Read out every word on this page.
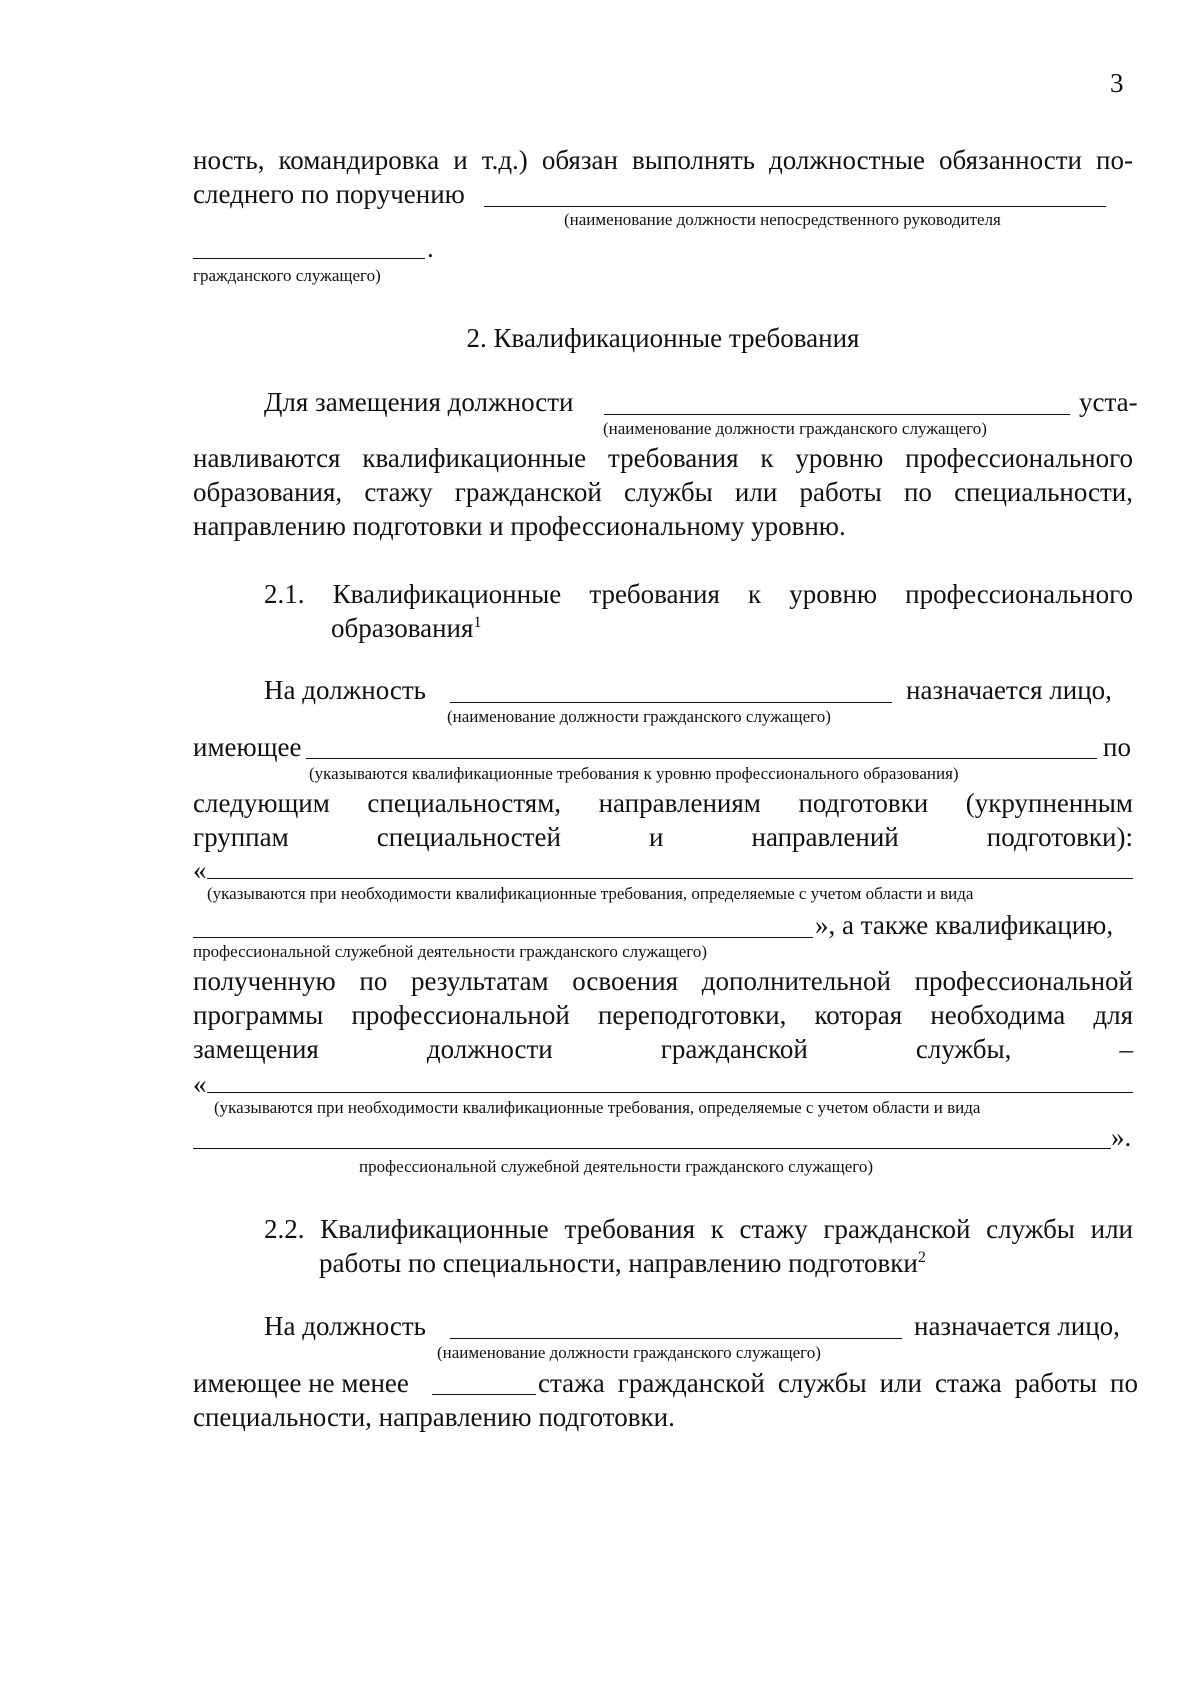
3
ность, командировка и т.д.) обязан выполнять должностные обязанности по-
следнего по поручению
(наименование должности непосредственного руководителя
.
гражданского служащего)
2. Квалификационные требования
Для замещения должности	уста-
(наименование должности гражданского служащего)
навливаются квалификационные требования к уровню профессионального
образования, стажу гражданской службы или работы по специальности,
направлению подготовки и профессиональному уровню.
2.1. Квалификационные требования к уровню профессионального
образования$^1$
На должность	назначается лицо,
(наименование должности гражданского служащего)
имеющее	по
(указываются квалификационные требования к уровню профессионального образования)
следующим специальностям, направлениям подготовки (укрупненным
группам специальностей и направлений подготовки):
«
(указываются при необходимости квалификационные требования, определяемые с учетом области и вида
», а также квалификацию,
профессиональной служебной деятельности гражданского служащего)
полученную по результатам освоения дополнительной профессиональной
программы профессиональной переподготовки, которая необходима для
замещения должности гражданской службы, –
«
(указываются при необходимости квалификационные требования, определяемые с учетом области и вида
».
профессиональной служебной деятельности гражданского служащего)
2.2. Квалификационные требования к стажу гражданской службы или
работы по специальности, направлению подготовки$^2$
На должность	назначается лицо,
(наименование должности гражданского служащего)
имеющее не менее	стажа гражданской службы или стажа работы по
специальности, направлению подготовки.
